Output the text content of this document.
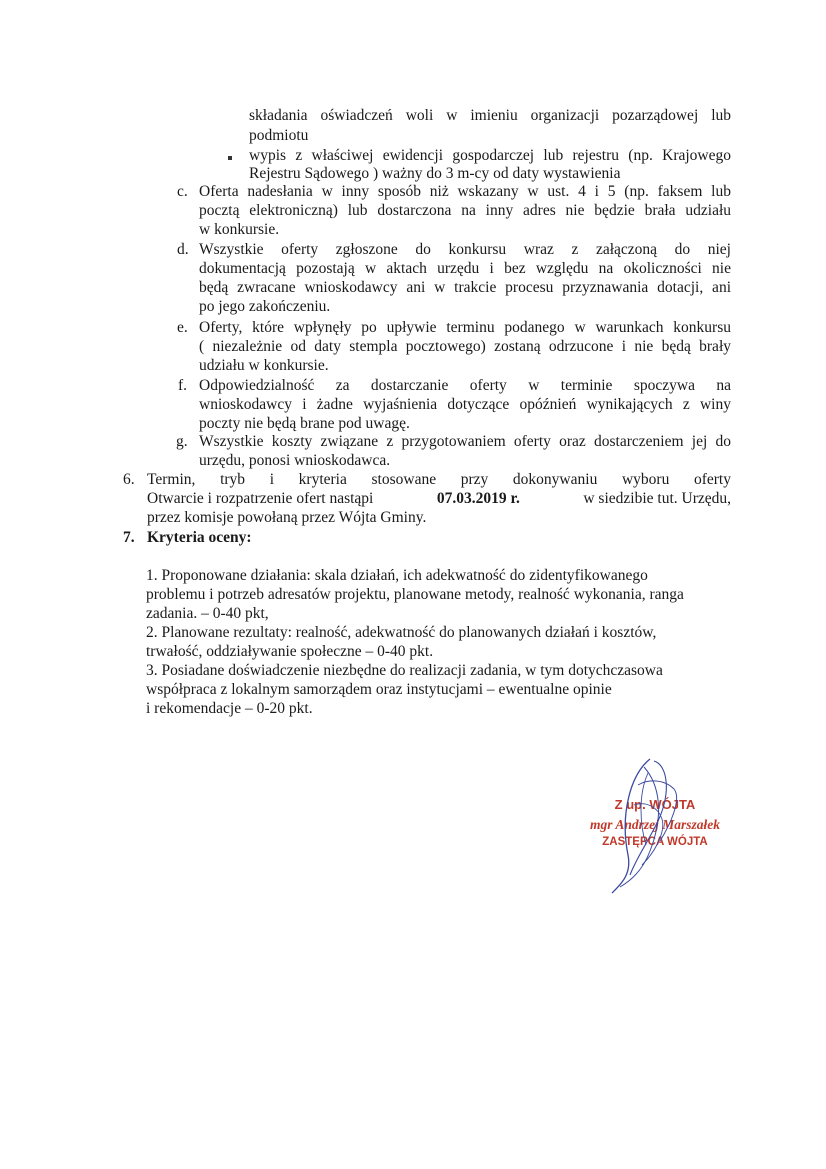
c.
d.
e.
f.
g.
6.
7.
składania oświadczeń woli w imieniu organizacji pozarządowej lub
podmiotu
wypis z właściwej ewidencji gospodarczej lub rejestru (np. Krajowego
Rejestru Sądowego ) ważny do 3 m-cy od daty wystawienia
Oferta nadesłania w inny sposób niż wskazany w ust. 4 i 5 (np. faksem lub
pocztą elektroniczną) lub dostarczona na inny adres nie będzie brała udziału
w konkursie.
Wszystkie oferty zgłoszone do konkursu wraz z załączoną do niej
dokumentacją pozostają w aktach urzędu i bez względu na okoliczności nie
będą zwracane wnioskodawcy ani w trakcie procesu przyznawania dotacji, ani
po jego zakończeniu.
Oferty, które wpłynęły po upływie terminu podanego w warunkach konkursu
( niezależnie od daty stempla pocztowego) zostaną odrzucone i nie będą brały
udziału w konkursie.
Odpowiedzialność za dostarczanie oferty w terminie spoczywa na
wnioskodawcy i żadne wyjaśnienia dotyczące opóźnień wynikających z winy
poczty nie będą brane pod uwagę.
Wszystkie koszty związane z przygotowaniem oferty oraz dostarczeniem jej do
urzędu, ponosi wnioskodawca.
Termin, tryb i kryteria stosowane przy dokonywaniu wyboru oferty
Otwarcie i rozpatrzenie ofert nastąpi	07.03.2019 r.	w siedzibie tut. Urzędu,
przez komisje powołaną przez Wójta Gminy.
Kryteria oceny:
1. Proponowane działania: skala działań, ich adekwatność do zidentyfikowanego
problemu i potrzeb adresatów projektu, planowane metody, realność wykonania, ranga
zadania. – 0-40 pkt,
2. Planowane rezultaty: realność, adekwatność do planowanych działań i kosztów,
trwałość, oddziaływanie społeczne – 0-40 pkt.
3. Posiadane doświadczenie niezbędne do realizacji zadania, w tym dotychczasowa
współpraca z lokalnym samorządem oraz instytucjami – ewentualne opinie
i rekomendacje – 0-20 pkt.
Z up. WÓJTA
mgr Andrzej Marszałek
ZASTĘPCA WÓJTA
